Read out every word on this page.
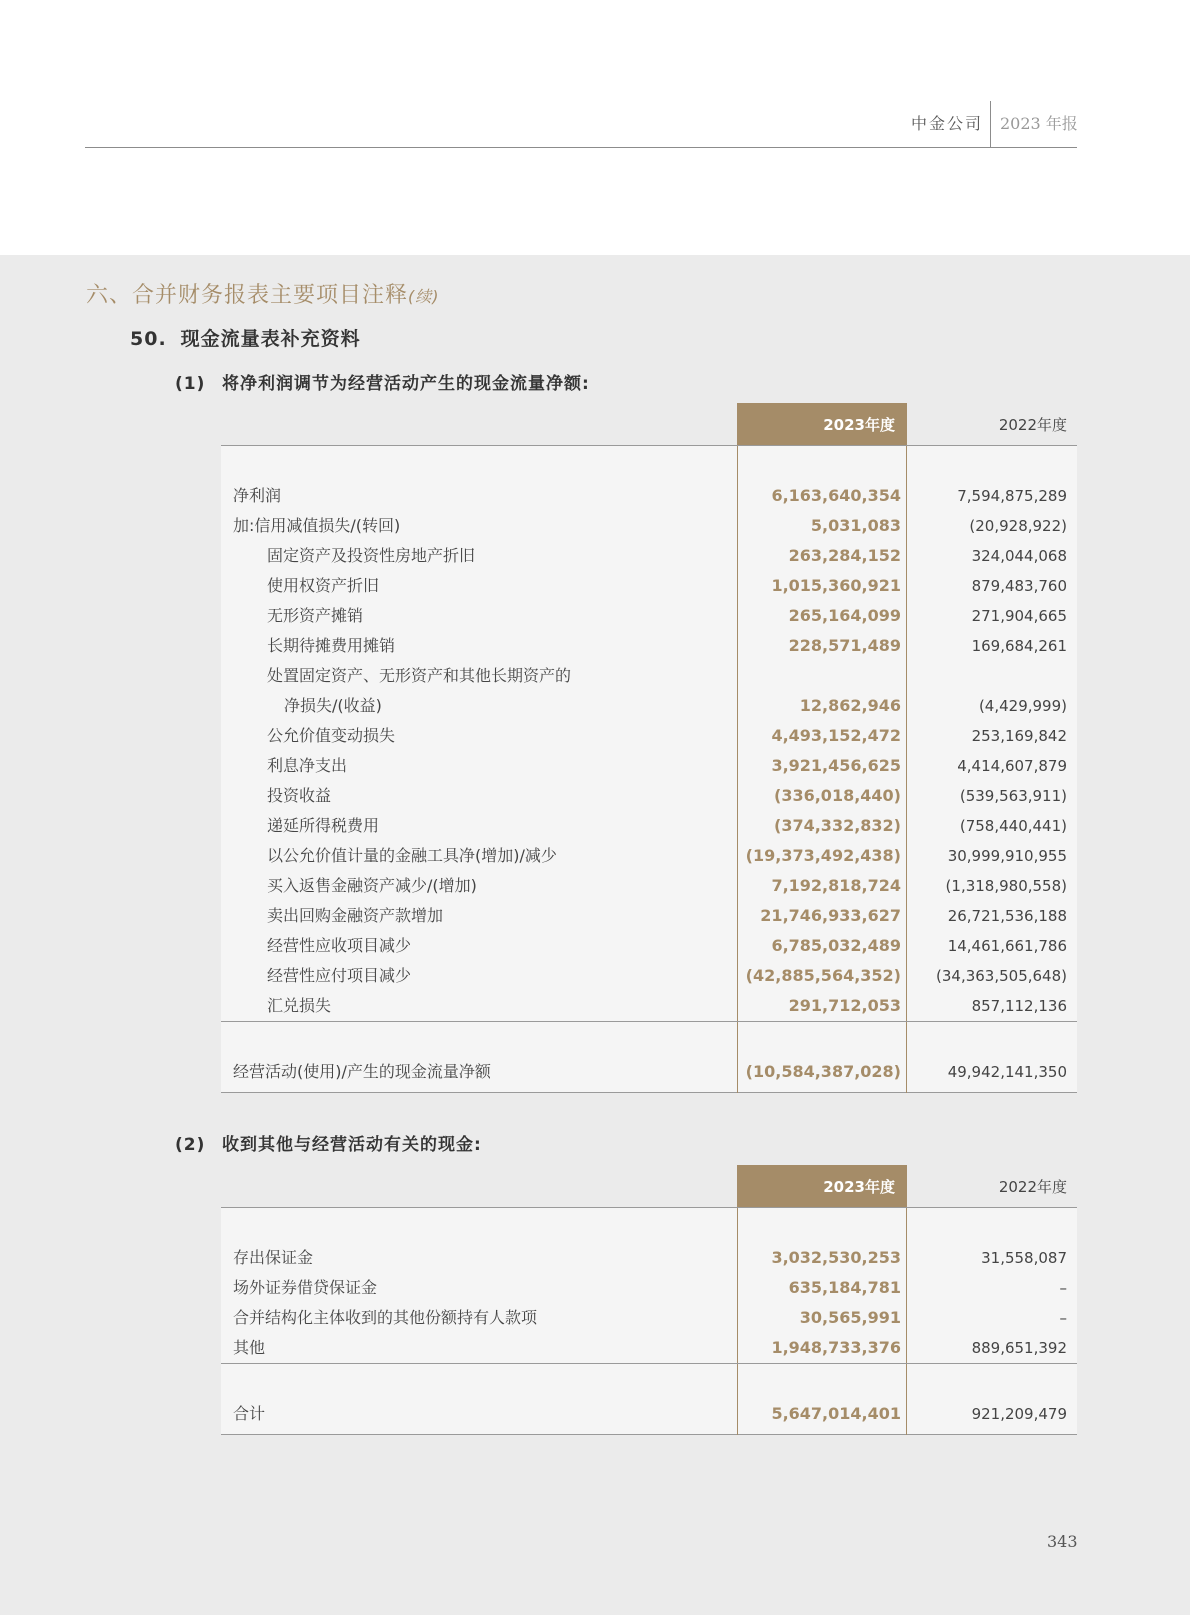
中金公司 2023 年报
六、合并财务报表主要项目注释(续)
50. 现金流量表补充资料
(1) 将净利润调节为经营活动产生的现金流量净额:
2023年度	2022年度
净利润	6,163,640,354	7,594,875,289
加:信用减值损失/(转回)	5,031,083	(20,928,922)
固定资产及投资性房地产折旧	263,284,152	324,044,068
使用权资产折旧	1,015,360,921	879,483,760
无形资产摊销	265,164,099	271,904,665
长期待摊费用摊销	228,571,489	169,684,261
处置固定资产、无形资产和其他长期资产的
净损失/(收益)	12,862,946	(4,429,999)
公允价值变动损失	4,493,152,472	253,169,842
利息净支出	3,921,456,625	4,414,607,879
投资收益	(336,018,440)	(539,563,911)
递延所得税费用	(374,332,832)	(758,440,441)
以公允价值计量的金融工具净(增加)/减少	(19,373,492,438)	30,999,910,955
买入返售金融资产减少/(增加)	7,192,818,724	(1,318,980,558)
卖出回购金融资产款增加	21,746,933,627	26,721,536,188
经营性应收项目减少	6,785,032,489	14,461,661,786
经营性应付项目减少	(42,885,564,352) (34,363,505,648)
汇兑损失	291,712,053	857,112,136
经营活动(使用)/产生的现金流量净额	(10,584,387,028)	49,942,141,350
(2) 收到其他与经营活动有关的现金:
2023年度	2022年度
存出保证金	3,032,530,253	31,558,087
场外证券借贷保证金	635,184,781	–
合并结构化主体收到的其他份额持有人款项	30,565,991	–
其他	1,948,733,376	889,651,392
合计	5,647,014,401	921,209,479
343
